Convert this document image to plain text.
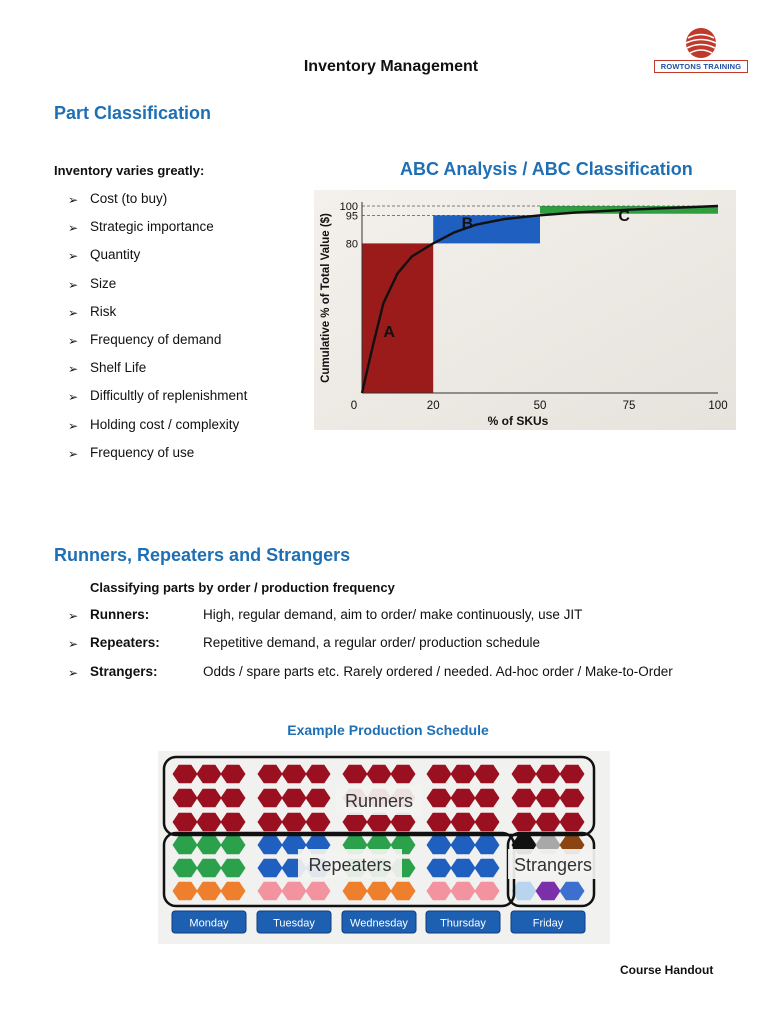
Inventory Management	ROWTONS TRAINING
Part Classification
Inventory varies greatly:
➢ Cost (to buy)
➢ Strategic importance
➢ Quantity
➢ Size
➢ Risk
➢ Frequency of demand
➢ Shelf Life
➢ Difficultly of replenishment
➢ Holding cost / complexity
➢ Frequency of use
ABC Analysis / ABC Classification
0	20	50	75	100
80
95
100
A
B	C
% of SKUs
Cumulative % of Total Value ($)
Runners, Repeaters and Strangers
Classifying parts by order / production frequency
➢ Runners:	High, regular demand, aim to order/ make continuously, use JIT
➢ Repeaters:	Repetitive demand, a regular order/ production schedule
➢ Strangers:	Odds / spare parts etc. Rarely ordered / needed. Ad-hoc order / Make-to-Order
Example Production Schedule
Runners
Repeaters	Strangers
Monday	Tuesday	Wednesday	Thursday	Friday
Course Handout
